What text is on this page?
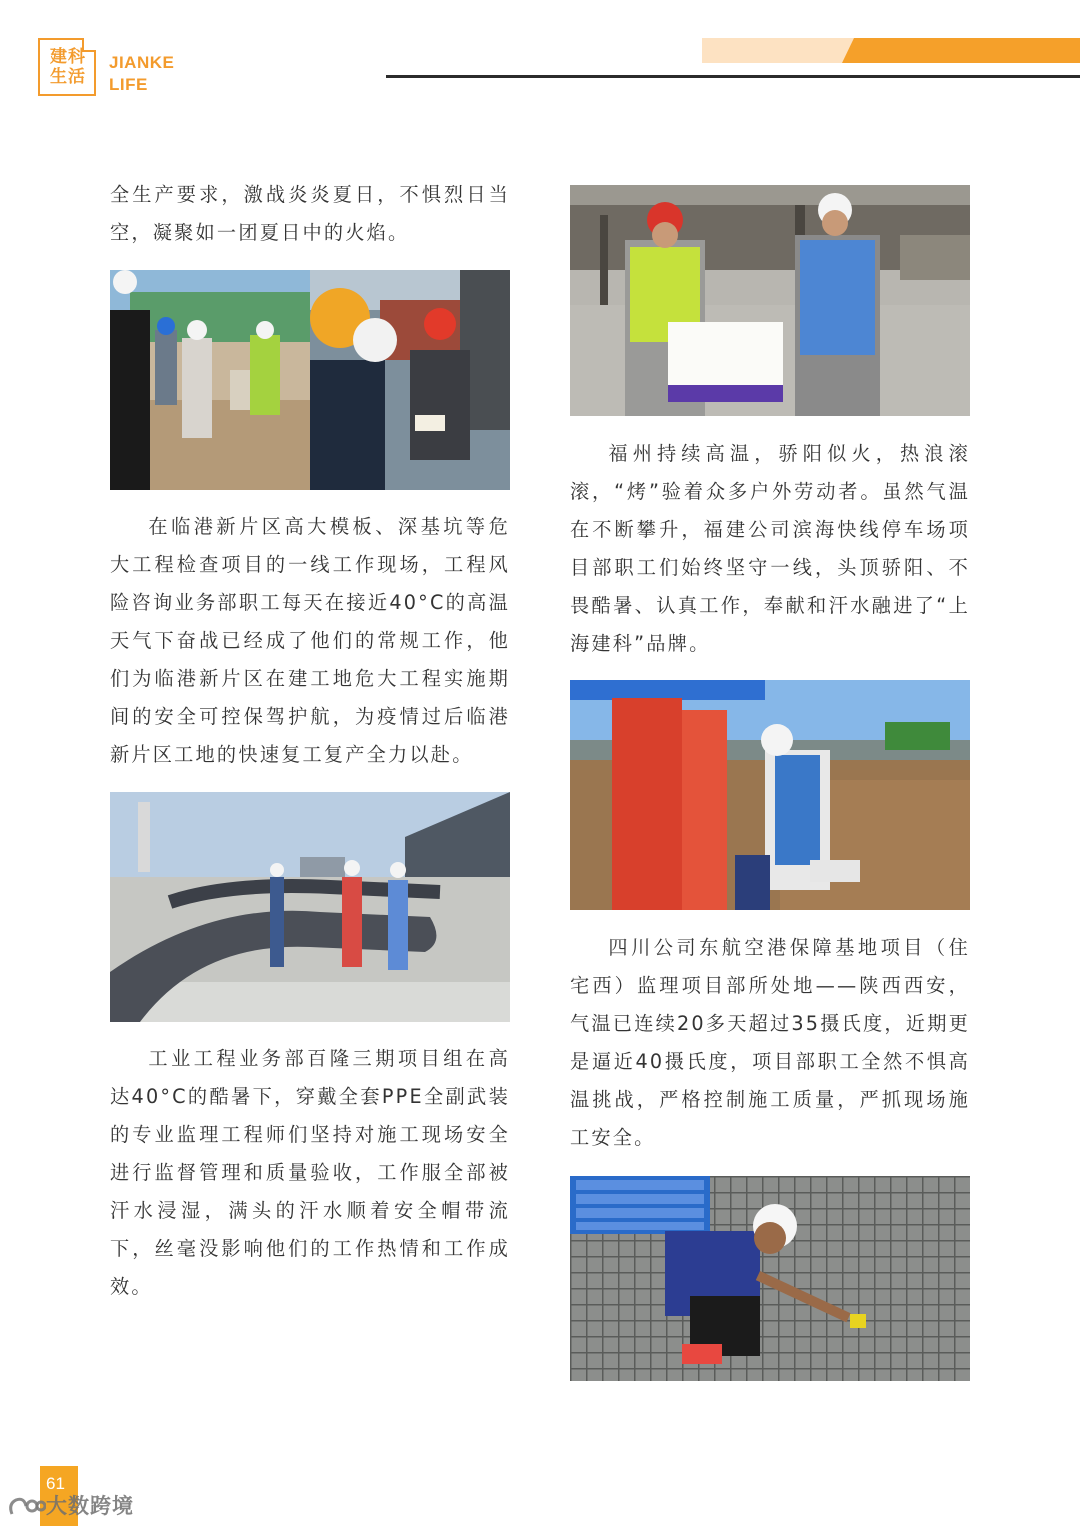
建科生活
JIANKE
LIFE

全生产要求，激战炎炎夏日，不惧烈日当空，凝聚如一团夏日中的火焰。

在临港新片区高大模板、深基坑等危大工程检查项目的一线工作现场，工程风险咨询业务部职工每天在接近40°C的高温天气下奋战已经成了他们的常规工作，他们为临港新片区在建工地危大工程实施期间的安全可控保驾护航，为疫情过后临港新片区工地的快速复工复产全力以赴。

工业工程业务部百隆三期项目组在高达40°C的酷暑下，穿戴全套PPE全副武装的专业监理工程师们坚持对施工现场安全进行监督管理和质量验收，工作服全部被汗水浸湿，满头的汗水顺着安全帽带流下，丝毫没影响他们的工作热情和工作成效。

福州持续高温，骄阳似火，热浪滚滚，“烤”验着众多户外劳动者。虽然气温在不断攀升，福建公司滨海快线停车场项目部职工们始终坚守一线，头顶骄阳、不畏酷暑、认真工作，奉献和汗水融进了“上海建科”品牌。

四川公司东航空港保障基地项目（住宅西）监理项目部所处地——陕西西安，气温已连续20多天超过35摄氏度，近期更是逼近40摄氏度，项目部职工全然不惧高温挑战，严格控制施工质量，严抓现场施工安全。

61
大数跨境
